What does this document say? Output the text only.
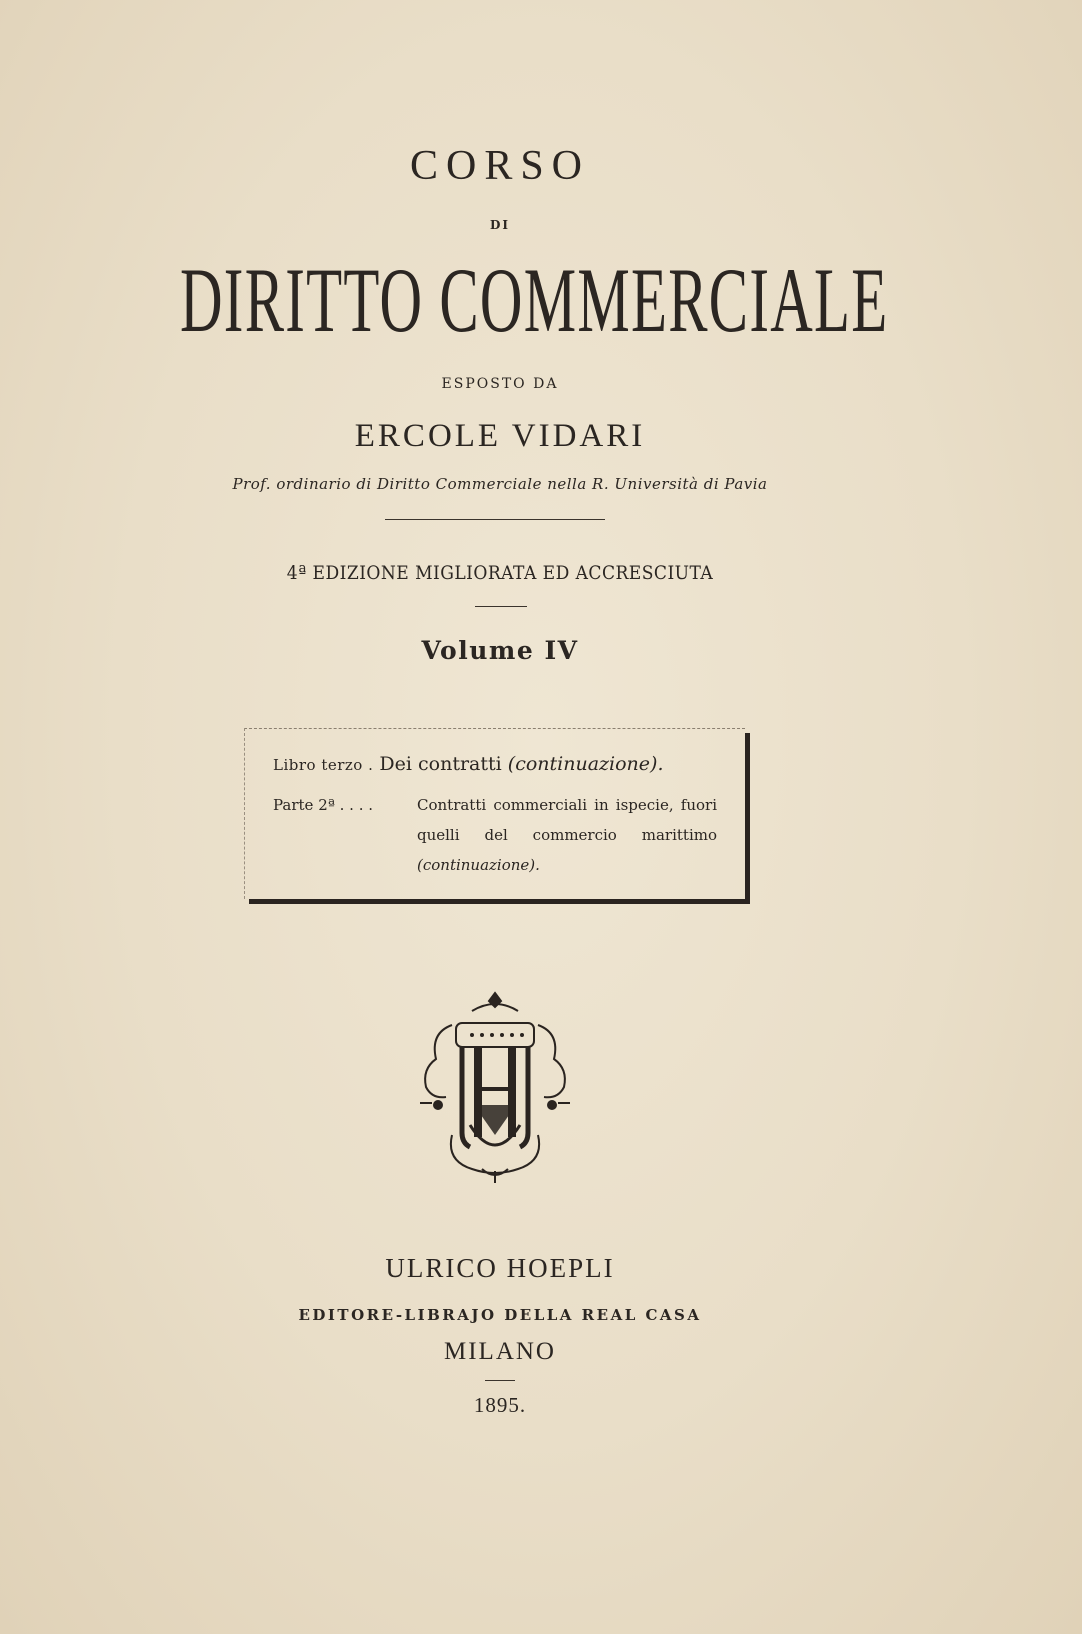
CORSO
DI
DIRITTO COMMERCIALE
ESPOSTO DA
ERCOLE VIDARI
Prof. ordinario di Diritto Commerciale nella R. Università di Pavia
4ª EDIZIONE MIGLIORATA ED ACCRESCIUTA
Volume IV
Libro terzo . Dei contratti (continuazione).
Parte 2ª . . . .	Contratti commerciali in ispecie, fuori
quelli del commercio marittimo
(continuazione).
ULRICO HOEPLI
EDITORE-LIBRAJO DELLA REAL CASA
MILANO
1895.
